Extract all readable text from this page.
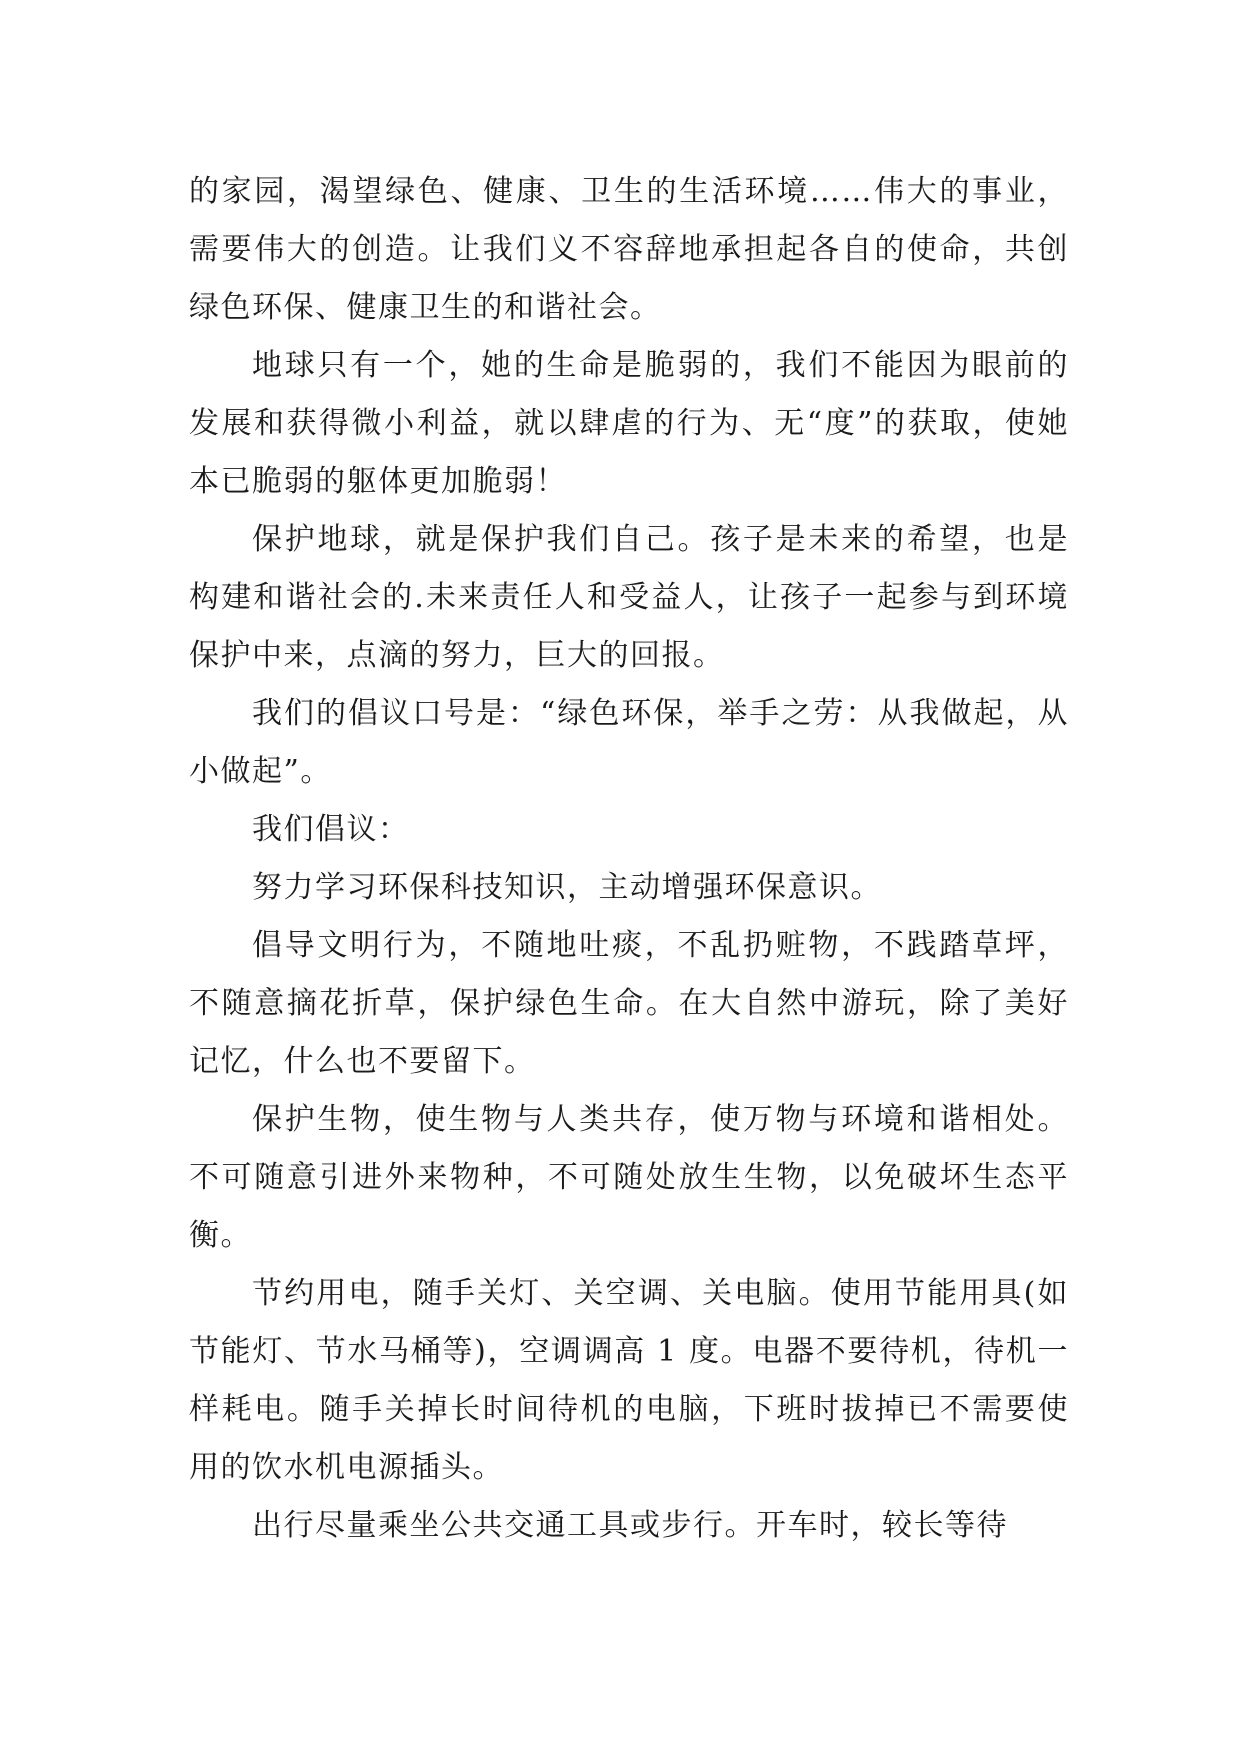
的家园，渴望绿色、健康、卫生的生活环境……伟大的事业，需要伟大的创造。让我们义不容辞地承担起各自的使命，共创绿色环保、健康卫生的和谐社会。

地球只有一个，她的生命是脆弱的，我们不能因为眼前的发展和获得微小利益，就以肆虐的行为、无“度”的获取，使她本已脆弱的躯体更加脆弱！

保护地球，就是保护我们自己。孩子是未来的希望，也是构建和谐社会的.未来责任人和受益人，让孩子一起参与到环境保护中来，点滴的努力，巨大的回报。

我们的倡议口号是：“绿色环保，举手之劳：从我做起，从小做起”。

我们倡议：

努力学习环保科技知识，主动增强环保意识。

倡导文明行为，不随地吐痰，不乱扔赃物，不践踏草坪，不随意摘花折草，保护绿色生命。在大自然中游玩，除了美好记忆，什么也不要留下。

保护生物，使生物与人类共存，使万物与环境和谐相处。不可随意引进外来物种，不可随处放生生物，以免破坏生态平衡。

节约用电，随手关灯、关空调、关电脑。使用节能用具(如节能灯、节水马桶等)，空调调高 1 度。电器不要待机，待机一样耗电。随手关掉长时间待机的电脑，下班时拔掉已不需要使用的饮水机电源插头。

出行尽量乘坐公共交通工具或步行。开车时，较长等待
